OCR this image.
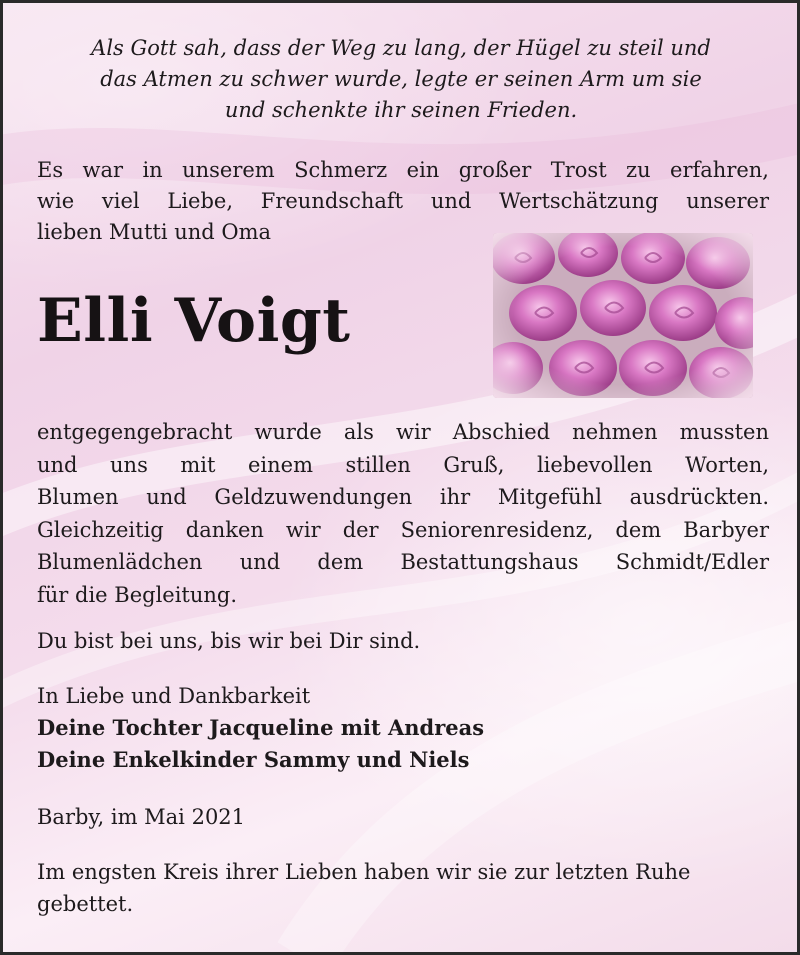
Als Gott sah, dass der Weg zu lang, der Hügel zu steil und
das Atmen zu schwer wurde, legte er seinen Arm um sie
und schenkte ihr seinen Frieden.
Es war in unserem Schmerz ein großer Trost zu erfahren,
wie viel Liebe, Freundschaft und Wertschätzung unserer
lieben Mutti und Oma
Elli Voigt
entgegengebracht wurde als wir Abschied nehmen mussten
und uns mit einem stillen Gruß, liebevollen Worten,
Blumen und Geldzuwendungen ihr Mitgefühl ausdrückten.
Gleichzeitig danken wir der Seniorenresidenz, dem Barbyer
Blumenlädchen und dem Bestattungshaus Schmidt/Edler
für die Begleitung.
Du bist bei uns, bis wir bei Dir sind.
In Liebe und Dankbarkeit
Deine Tochter Jacqueline mit Andreas
Deine Enkelkinder Sammy und Niels
Barby, im Mai 2021
Im engsten Kreis ihrer Lieben haben wir sie zur letzten Ruhe
gebettet.
